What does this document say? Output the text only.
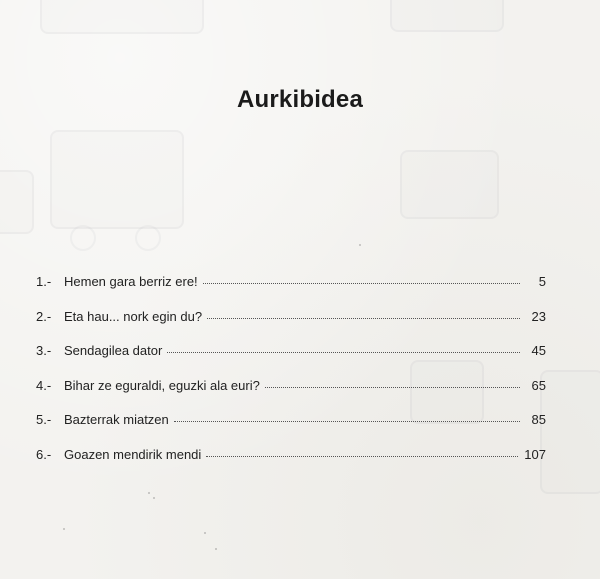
Aurkibidea
1.- Hemen gara berriz ere!	5
2.- Eta hau... nork egin du?	23
3.- Sendagilea dator	45
4.- Bihar ze eguraldi, eguzki ala euri?	65
5.- Bazterrak miatzen	85
6.- Goazen mendirik mendi	107
